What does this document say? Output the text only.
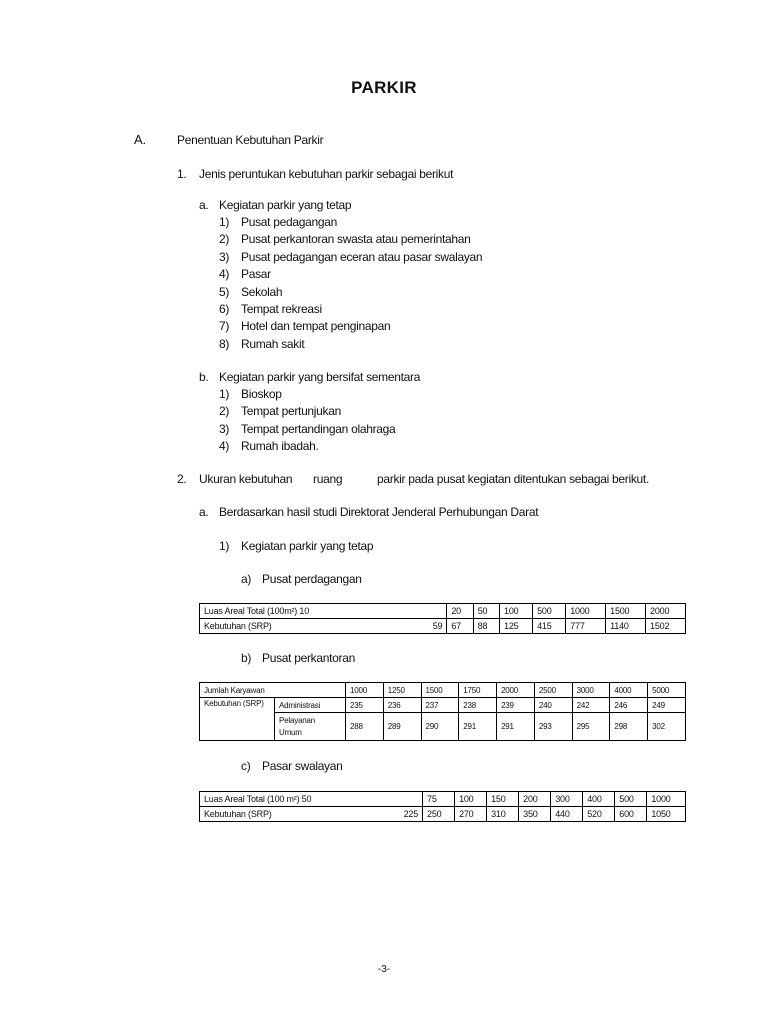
PARKIR
A.	Penentuan Kebutuhan Parkir
1. Jenis peruntukan kebutuhan parkir sebagai berikut
a. Kegiatan parkir yang tetap
1) Pusat pedagangan
2) Pusat perkantoran swasta atau pemerintahan
3) Pusat pedagangan eceran atau pasar swalayan
4) Pasar
5) Sekolah
6) Tempat rekreasi
7) Hotel dan tempat penginapan
8) Rumah sakit
b. Kegiatan parkir yang bersifat sementara
1) Bioskop
2) Tempat pertunjukan
3) Tempat pertandingan olahraga
4) Rumah ibadah.
2. Ukuran kebutuhan ruang	parkir pada pusat kegiatan ditentukan sebagai berikut.
a. Berdasarkan hasil studi Direktorat Jenderal Perhubungan Darat
1) Kegiatan parkir yang tetap
a) Pusat perdagangan
Luas Areal Total (100m²) 10		20	50	100	500	1000	1500	2000
Kebutuhan (SRP)	59	67	88	125	415	777	1140	1502
b) Pusat perkantoran
Jumlah Karyawan		1000	1250	1500	1750	2000	2500	3000	4000	5000
Kebutuhan (SRP)	Administrasi	235	236	237	238	239	240	242	246	249
	Pelayanan
Umum	288	289	290	291	291	293	295	298	302
c) Pasar swalayan
Luas Areal Total (100 m²) 50		75	100	150	200	300	400	500	1000
Kebutuhan (SRP)	225	250	270	310	350	440	520	600	1050
-3-
